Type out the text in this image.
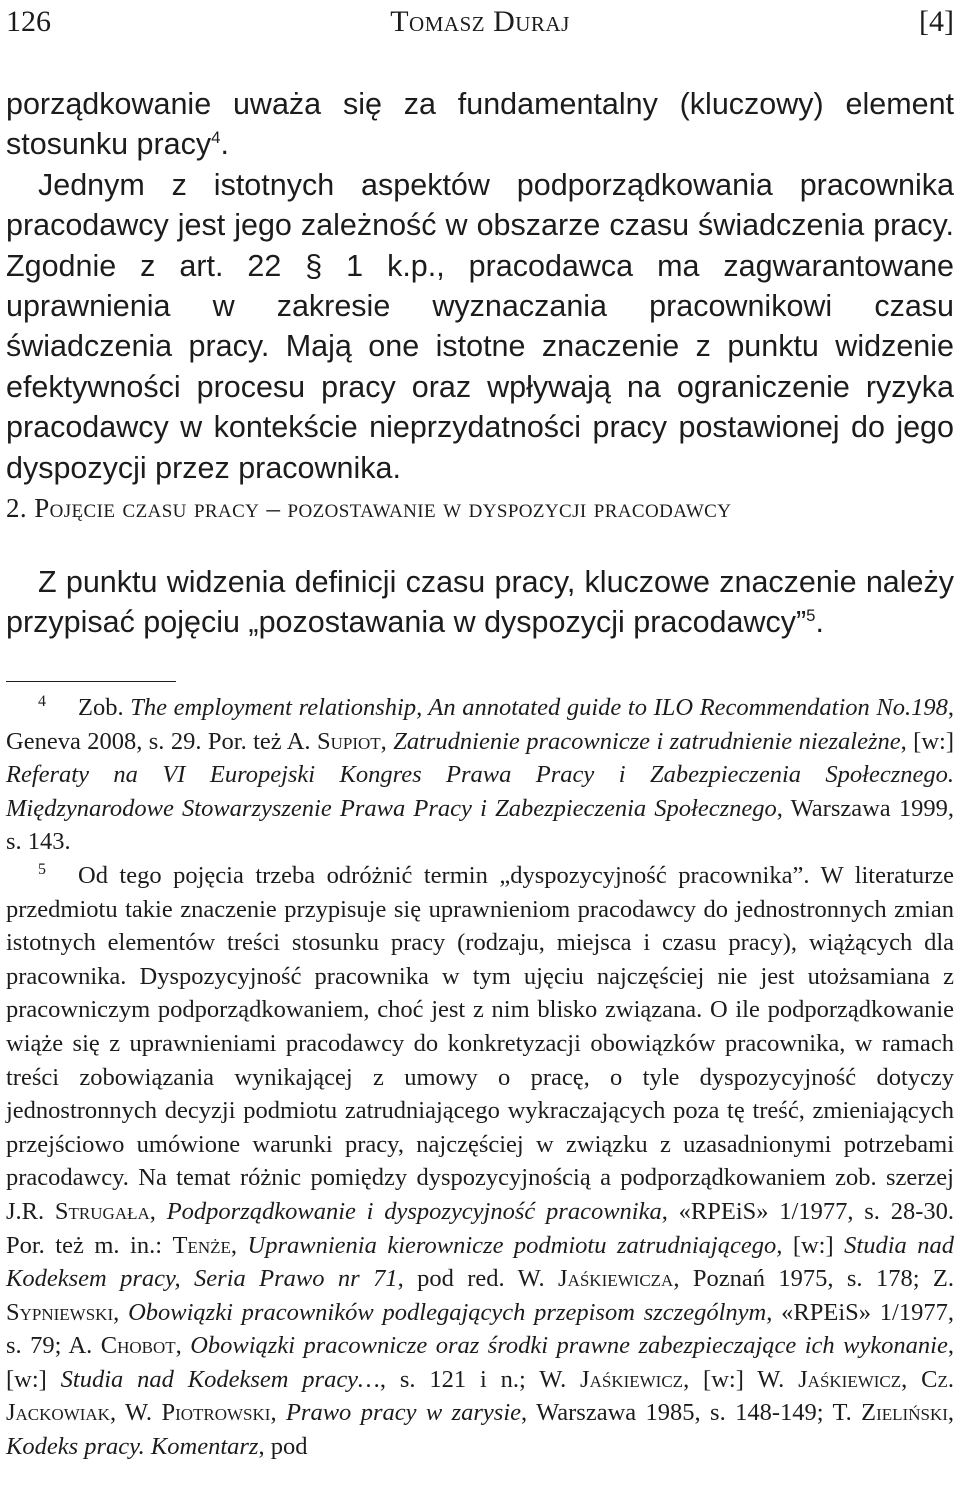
126	Tomasz Duraj	[4]

porządkowanie uważa się za fundamentalny (kluczowy) element stosunku pracy$^4$.

Jednym z istotnych aspektów podporządkowania pracownika pracodawcy jest jego zależność w obszarze czasu świadczenia pracy. Zgodnie z art. 22 § 1 k.p., pracodawca ma zagwarantowane uprawnienia w zakresie wyznaczania pracownikowi czasu świadczenia pracy. Mają one istotne znaczenie z punktu widzenie efektywności procesu pracy oraz wpływają na ograniczenie ryzyka pracodawcy w kontekście nieprzydatności pracy postawionej do jego dyspozycji przez pracownika.

2. Pojęcie czasu pracy – pozostawanie w dyspozycji pracodawcy

Z punktu widzenia definicji czasu pracy, kluczowe znaczenie należy przypisać pojęciu „pozostawania w dyspozycji pracodawcy”$^5$.

4 Zob. The employment relationship, An annotated guide to ILO Recommendation No.198, Geneva 2008, s. 29. Por. też A. Supiot, Zatrudnienie pracownicze i zatrudnienie niezależne, [w:] Referaty na VI Europejski Kongres Prawa Pracy i Zabezpieczenia Społecznego. Międzynarodowe Stowarzyszenie Prawa Pracy i Zabezpieczenia Społecznego, Warszawa 1999, s. 143.

5 Od tego pojęcia trzeba odróżnić termin „dyspozycyjność pracownika”. W literaturze przedmiotu takie znaczenie przypisuje się uprawnieniom pracodawcy do jednostronnych zmian istotnych elementów treści stosunku pracy (rodzaju, miejsca i czasu pracy), wiążących dla pracownika. Dyspozycyjność pracownika w tym ujęciu najczęściej nie jest utożsamiana z pracowniczym podporządkowaniem, choć jest z nim blisko związana. O ile podporządkowanie wiąże się z uprawnieniami pracodawcy do konkretyzacji obowiązków pracownika, w ramach treści zobowiązania wynikającej z umowy o pracę, o tyle dyspozycyjność dotyczy jednostronnych decyzji podmiotu zatrudniającego wykraczających poza tę treść, zmieniających przejściowo umówione warunki pracy, najczęściej w związku z uzasadnionymi potrzebami pracodawcy. Na temat różnic pomiędzy dyspozycyjnością a podporządkowaniem zob. szerzej J.R. Strugała, Podporządkowanie i dyspozycyjność pracownika, «RPEiS» 1/1977, s. 28-30. Por. też m. in.: Tenże, Uprawnienia kierownicze podmiotu zatrudniającego, [w:] Studia nad Kodeksem pracy, Seria Prawo nr 71, pod red. W. Jaśkiewicza, Poznań 1975, s. 178; Z. Sypniewski, Obowiązki pracowników podlegających przepisom szczególnym, «RPEiS» 1/1977, s. 79; A. Chobot, Obowiązki pracownicze oraz środki prawne zabezpieczające ich wykonanie, [w:] Studia nad Kodeksem pracy…, s. 121 i n.; W. Jaśkiewicz, [w:] W. Jaśkiewicz, Cz. Jackowiak, W. Piotrowski, Prawo pracy w zarysie, Warszawa 1985, s. 148-149; T. Zieliński, Kodeks pracy. Komentarz, pod
